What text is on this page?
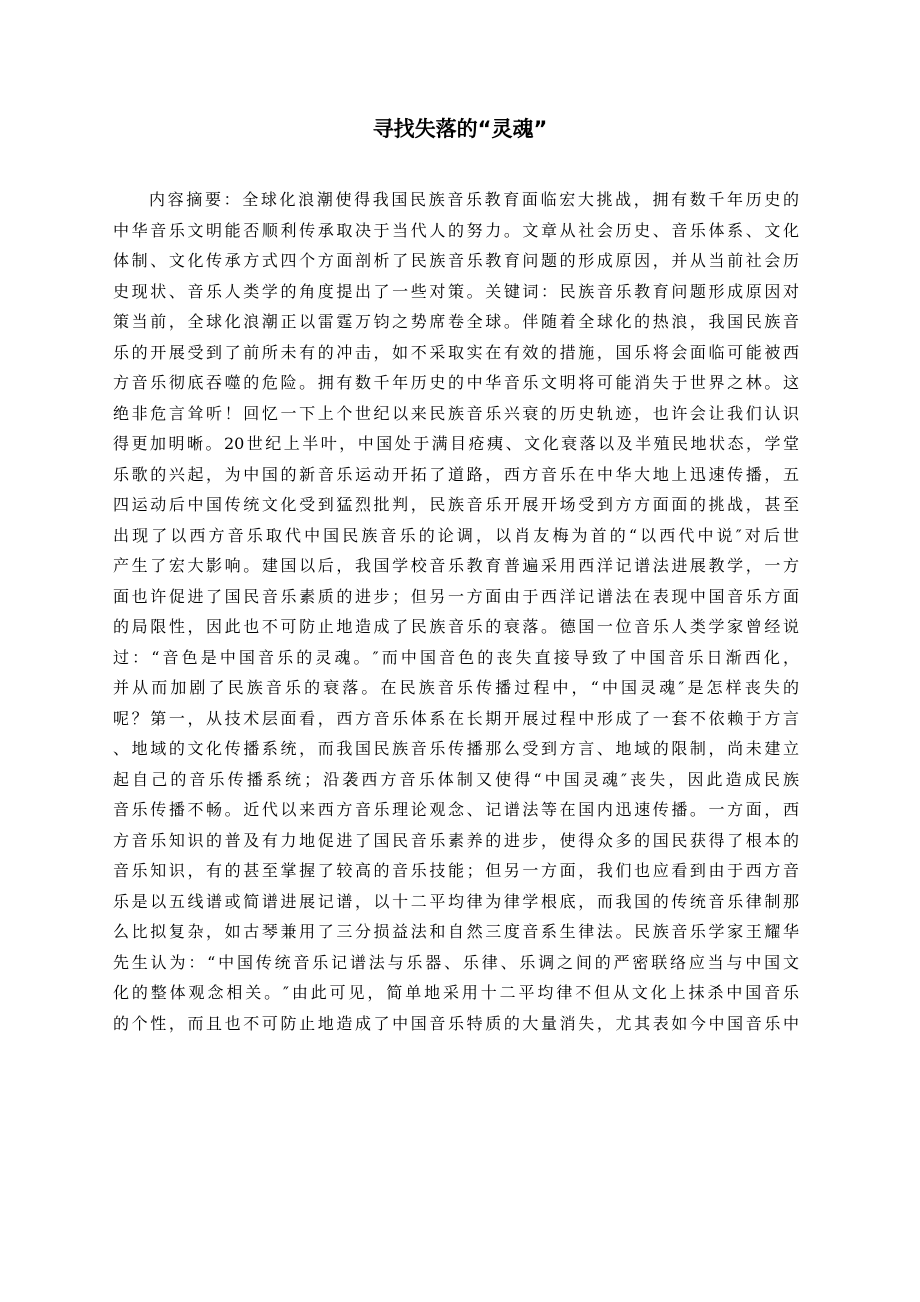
寻找失落的“灵魂”
内容摘要：全球化浪潮使得我国民族音乐教育面临宏大挑战，拥有数千年历史的
中华音乐文明能否顺利传承取决于当代人的努力。文章从社会历史、音乐体系、文化
体制、文化传承方式四个方面剖析了民族音乐教育问题的形成原因，并从当前社会历
史现状、音乐人类学的角度提出了一些对策。关键词：民族音乐教育问题形成原因对
策当前，全球化浪潮正以雷霆万钧之势席卷全球。伴随着全球化的热浪，我国民族音
乐的开展受到了前所未有的冲击，如不采取实在有效的措施，国乐将会面临可能被西
方音乐彻底吞噬的危险。拥有数千年历史的中华音乐文明将可能消失于世界之林。这
绝非危言耸听！回忆一下上个世纪以来民族音乐兴衰的历史轨迹，也许会让我们认识
得更加明晰。20世纪上半叶，中国处于满目疮痍、文化衰落以及半殖民地状态，学堂
乐歌的兴起，为中国的新音乐运动开拓了道路，西方音乐在中华大地上迅速传播，五
四运动后中国传统文化受到猛烈批判，民族音乐开展开场受到方方面面的挑战，甚至
出现了以西方音乐取代中国民族音乐的论调，以肖友梅为首的“以西代中说″对后世
产生了宏大影响。建国以后，我国学校音乐教育普遍采用西洋记谱法进展教学，一方
面也许促进了国民音乐素质的进步；但另一方面由于西洋记谱法在表现中国音乐方面
的局限性，因此也不可防止地造成了民族音乐的衰落。德国一位音乐人类学家曾经说
过：“音色是中国音乐的灵魂。″而中国音色的丧失直接导致了中国音乐日渐西化，
并从而加剧了民族音乐的衰落。在民族音乐传播过程中，“中国灵魂″是怎样丧失的
呢？第一，从技术层面看，西方音乐体系在长期开展过程中形成了一套不依赖于方言
、地域的文化传播系统，而我国民族音乐传播那么受到方言、地域的限制，尚未建立
起自己的音乐传播系统；沿袭西方音乐体制又使得“中国灵魂″丧失，因此造成民族
音乐传播不畅。近代以来西方音乐理论观念、记谱法等在国内迅速传播。一方面，西
方音乐知识的普及有力地促进了国民音乐素养的进步，使得众多的国民获得了根本的
音乐知识，有的甚至掌握了较高的音乐技能；但另一方面，我们也应看到由于西方音
乐是以五线谱或简谱进展记谱，以十二平均律为律学根底，而我国的传统音乐律制那
么比拟复杂，如古琴兼用了三分损益法和自然三度音系生律法。民族音乐学家王耀华
先生认为：“中国传统音乐记谱法与乐器、乐律、乐调之间的严密联络应当与中国文
化的整体观念相关。″由此可见，简单地采用十二平均律不但从文化上抹杀中国音乐
的个性，而且也不可防止地造成了中国音乐特质的大量消失，尤其表如今中国音乐中
